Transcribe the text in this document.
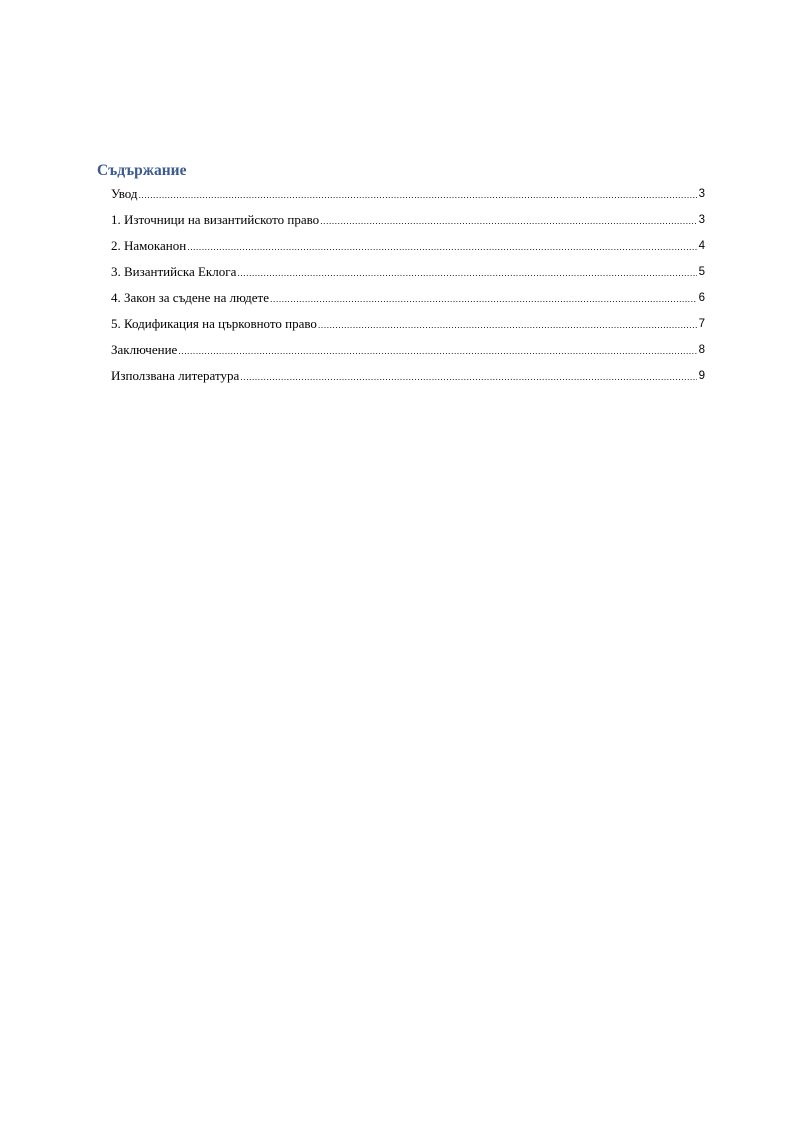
Съдържание
Увод .....	3
1. Източници на византийското право .....	3
2. Намоканон .....	4
3. Византийска Еклога .....	5
4. Закон за съдене на людете .....	6
5. Кодификация на църковното право .....	7
Заключение .....	8
Използвана литература .....	9
